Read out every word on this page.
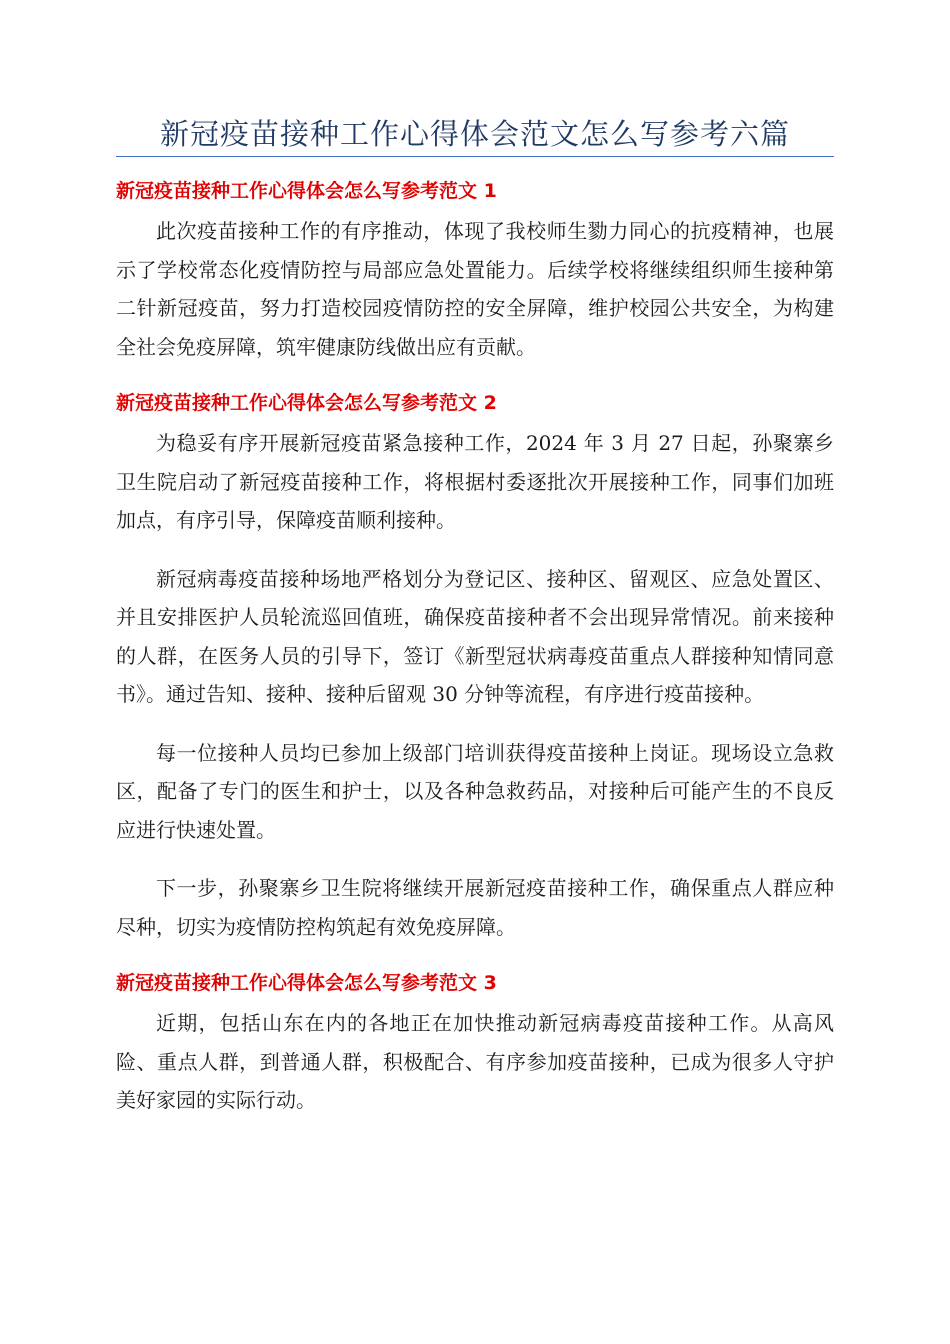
新冠疫苗接种工作心得体会范文怎么写参考六篇
新冠疫苗接种工作心得体会怎么写参考范文 1

此次疫苗接种工作的有序推动，体现了我校师生勠力同心的抗疫精神，也展示了学校常态化疫情防控与局部应急处置能力。后续学校将继续组织师生接种第二针新冠疫苗，努力打造校园疫情防控的安全屏障，维护校园公共安全，为构建全社会免疫屏障，筑牢健康防线做出应有贡献。

新冠疫苗接种工作心得体会怎么写参考范文 2

为稳妥有序开展新冠疫苗紧急接种工作，2024 年 3 月 27 日起，孙聚寨乡卫生院启动了新冠疫苗接种工作，将根据村委逐批次开展接种工作，同事们加班加点，有序引导，保障疫苗顺利接种。

新冠病毒疫苗接种场地严格划分为登记区、接种区、留观区、应急处置区、并且安排医护人员轮流巡回值班，确保疫苗接种者不会出现异常情况。前来接种的人群，在医务人员的引导下，签订《新型冠状病毒疫苗重点人群接种知情同意书》。通过告知、接种、接种后留观 30 分钟等流程，有序进行疫苗接种。

每一位接种人员均已参加上级部门培训获得疫苗接种上岗证。现场设立急救区，配备了专门的医生和护士，以及各种急救药品，对接种后可能产生的不良反应进行快速处置。

下一步，孙聚寨乡卫生院将继续开展新冠疫苗接种工作，确保重点人群应种尽种，切实为疫情防控构筑起有效免疫屏障。

新冠疫苗接种工作心得体会怎么写参考范文 3

近期，包括山东在内的各地正在加快推动新冠病毒疫苗接种工作。从高风险、重点人群，到普通人群，积极配合、有序参加疫苗接种，已成为很多人守护美好家园的实际行动。
